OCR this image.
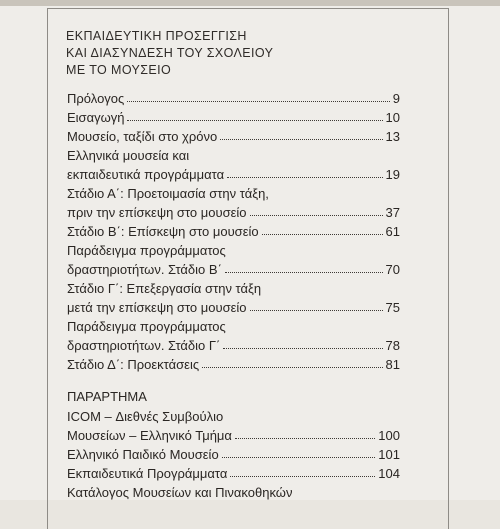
ΕΚΠΑΙΔΕΥΤΙΚΗ ΠΡΟΣΕΓΓΙΣΗ
ΚΑΙ ΔΙΑΣΥΝΔΕΣΗ ΤΟΥ ΣΧΟΛΕΙΟΥ
ΜΕ ΤΟ ΜΟΥΣΕΙΟ
Πρόλογος	9
Εισαγωγή	10
Μουσείο, ταξίδι στο χρόνο	13
Ελληνικά μουσεία και
εκπαιδευτικά προγράμματα	19
Στάδιο Α΄: Προετοιμασία στην τάξη,
πριν την επίσκεψη στο μουσείο	37
Στάδιο Β΄: Επίσκεψη στο μουσείο	61
Παράδειγμα προγράμματος
δραστηριοτήτων. Στάδιο Β΄	70
Στάδιο Γ΄: Επεξεργασία στην τάξη
μετά την επίσκεψη στο μουσείο	75
Παράδειγμα προγράμματος
δραστηριοτήτων. Στάδιο Γ΄	78
Στάδιο Δ΄: Προεκτάσεις	81
ΠΑΡΑΡΤΗΜΑ
ICOM – Διεθνές Συμβούλιο
Μουσείων – Ελληνικό Τμήμα	100
Ελληνικό Παιδικό Μουσείο	101
Εκπαιδευτικά Προγράμματα	104
Κατάλογος Μουσείων και Πινακοθηκών
